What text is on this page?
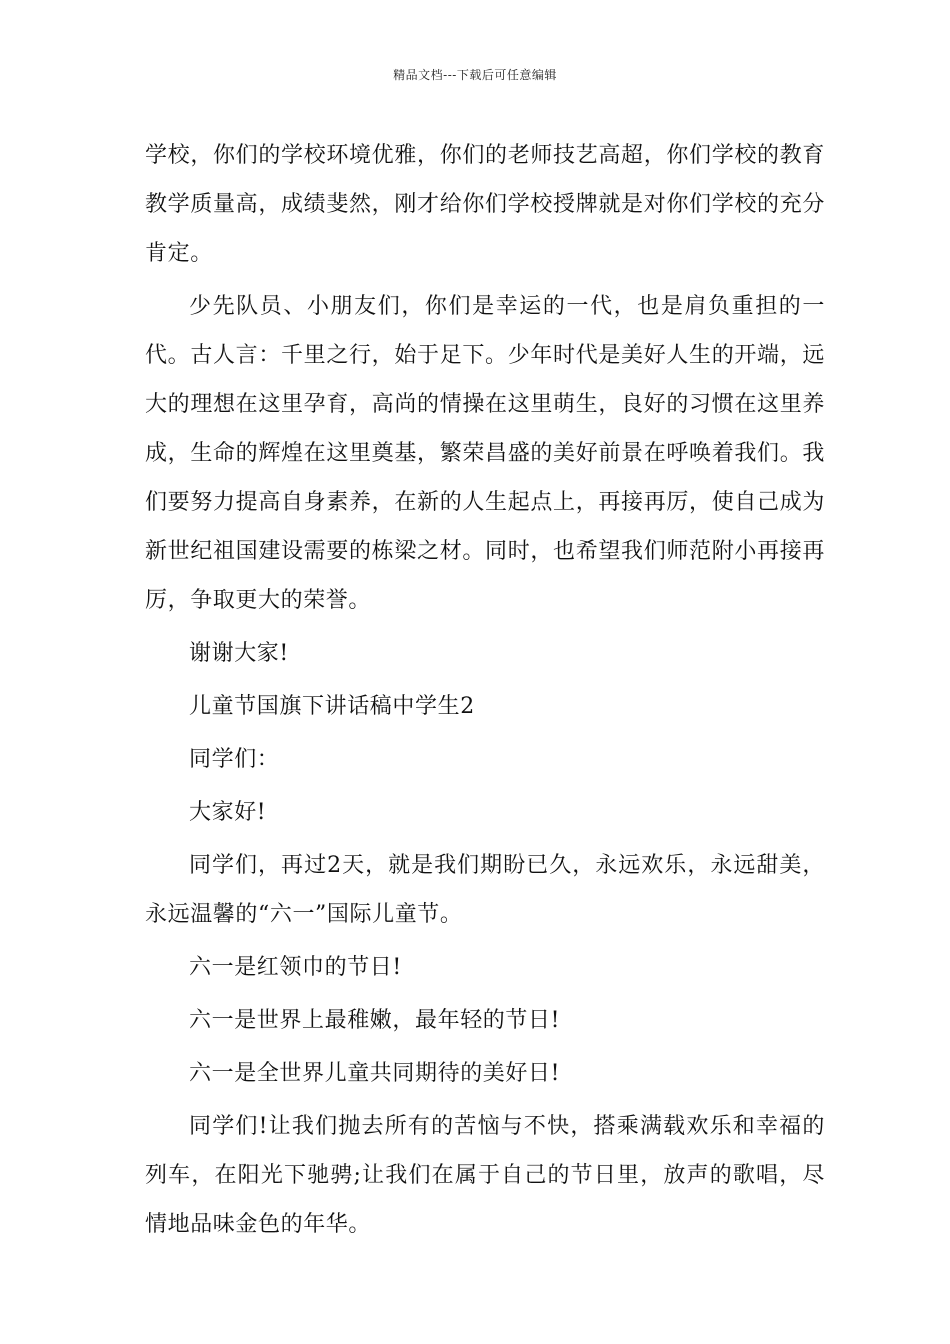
精品文档---下载后可任意编辑

学校，你们的学校环境优雅，你们的老师技艺高超，你们学校的教育教学质量高，成绩斐然，刚才给你们学校授牌就是对你们学校的充分肯定。

少先队员、小朋友们，你们是幸运的一代，也是肩负重担的一代。古人言：千里之行，始于足下。少年时代是美好人生的开端，远大的理想在这里孕育，高尚的情操在这里萌生，良好的习惯在这里养成，生命的辉煌在这里奠基，繁荣昌盛的美好前景在呼唤着我们。我们要努力提高自身素养，在新的人生起点上，再接再厉，使自己成为新世纪祖国建设需要的栋梁之材。同时，也希望我们师范附小再接再厉，争取更大的荣誉。

谢谢大家!

儿童节国旗下讲话稿中学生2

同学们：

大家好!

同学们，再过2天，就是我们期盼已久，永远欢乐，永远甜美，永远温馨的“六一”国际儿童节。

六一是红领巾的节日!

六一是世界上最稚嫩，最年轻的节日!

六一是全世界儿童共同期待的美好日!

同学们!让我们抛去所有的苦恼与不快，搭乘满载欢乐和幸福的列车，在阳光下驰骋;让我们在属于自己的节日里，放声的歌唱，尽情地品味金色的年华。
